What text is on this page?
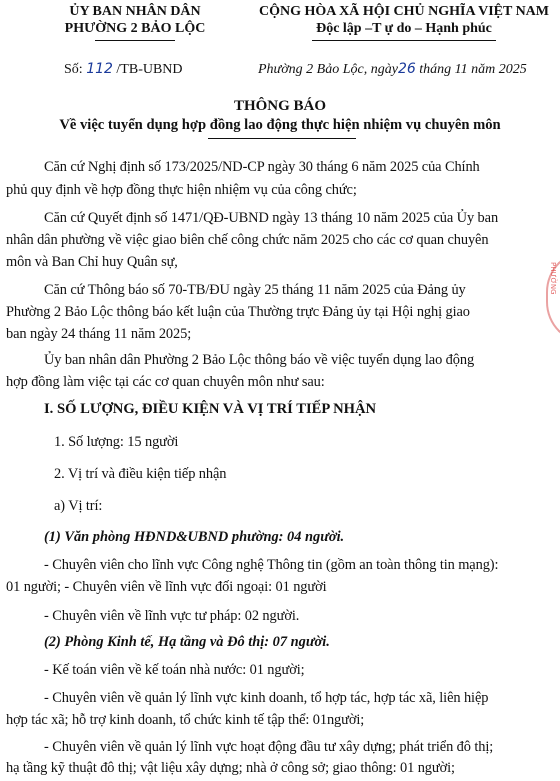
ỦY BAN NHÂN DÂN
PHƯỜNG 2 BẢO LỘC
CỘNG HÒA XÃ HỘI CHỦ NGHĨA VIỆT NAM
Độc lập –T ự do – Hạnh phúc
Số: 112 /TB-UBND	Phường 2 Bảo Lộc, ngày26 tháng 11 năm 2025
THÔNG BÁO
Về việc tuyển dụng hợp đồng lao động thực hiện nhiệm vụ chuyên môn
Căn cứ Nghị định số 173/2025/ND-CP ngày 30 tháng 6 năm 2025 của Chính
phủ quy định về hợp đồng thực hiện nhiệm vụ của công chức;
Căn cứ Quyết định số 1471/QĐ-UBND ngày 13 tháng 10 năm 2025 của Ủy ban
nhân dân phường về việc giao biên chế công chức năm 2025 cho các cơ quan chuyên
môn và Ban Chỉ huy Quân sự,
Căn cứ Thông báo số 70-TB/ĐU ngày 25 tháng 11 năm 2025 của Đảng ủy
Phường 2 Bảo Lộc thông báo kết luận của Thường trực Đảng ủy tại Hội nghị giao
ban ngày 24 tháng 11 năm 2025;
Ủy ban nhân dân Phường 2 Bảo Lộc thông báo về việc tuyển dụng lao động
hợp đồng làm việc tại các cơ quan chuyên môn như sau:
I. SỐ LƯỢNG, ĐIỀU KIỆN VÀ VỊ TRÍ TIẾP NHẬN
1. Số lượng: 15 người
2. Vị trí và điều kiện tiếp nhận
a) Vị trí:
(1) Văn phòng HĐND&UBND phường: 04 người.
- Chuyên viên cho lĩnh vực Công nghệ Thông tin (gồm an toàn thông tin mạng):
01 người; - Chuyên viên về lĩnh vực đối ngoại: 01 người
- Chuyên viên về lĩnh vực tư pháp: 02 người.
(2) Phòng Kinh tế, Hạ tầng và Đô thị: 07 người.
- Kế toán viên về kế toán nhà nước: 01 người;
- Chuyên viên về quản lý lĩnh vực kinh doanh, tổ hợp tác, hợp tác xã, liên hiệp
hợp tác xã; hỗ trợ kinh doanh, tổ chức kinh tế tập thể: 01người;
- Chuyên viên về quản lý lĩnh vực hoạt động đầu tư xây dựng; phát triển đô thị;
hạ tầng kỹ thuật đô thị; vật liệu xây dựng; nhà ở công sở; giao thông: 01 người;
PHƯỜNG
